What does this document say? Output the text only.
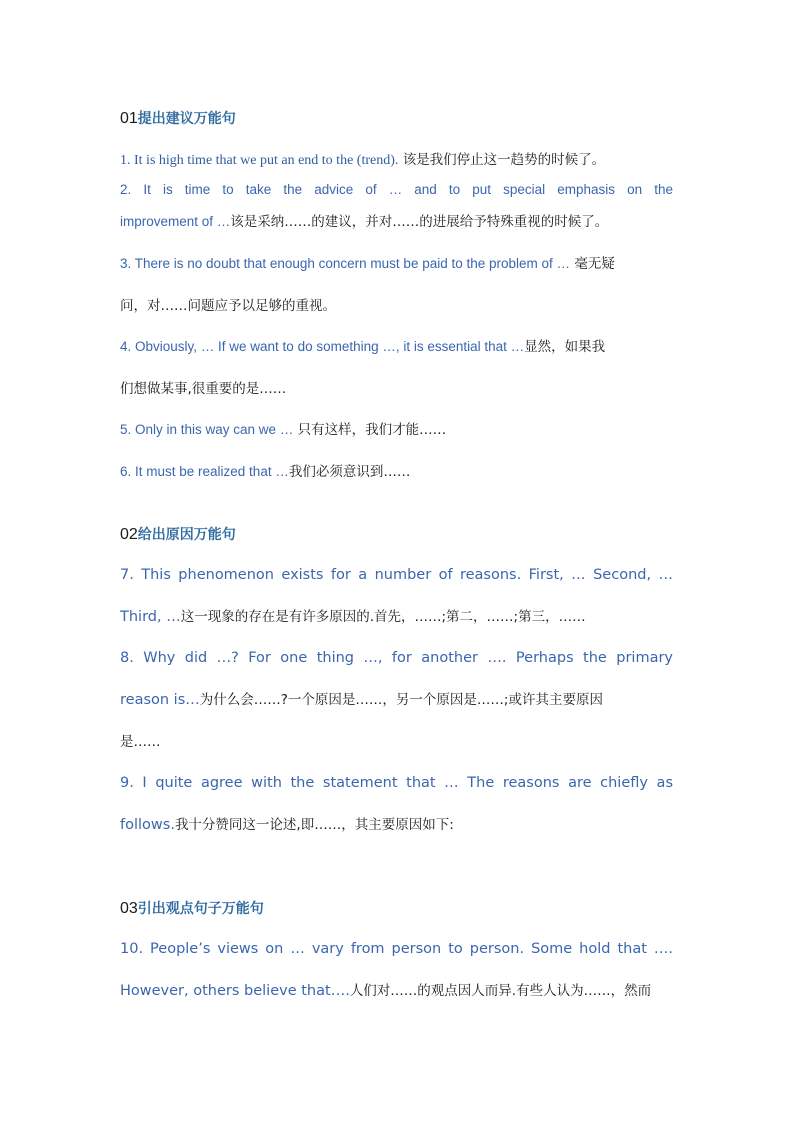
01提出建议万能句
1. It is high time that we put an end to the (trend). 该是我们停止这一趋势的时候了。
2. It is time to take the advice of … and to put special emphasis on the
improvement of …该是采纳……的建议，并对……的进展给予特殊重视的时候了。
3. There is no doubt that enough concern must be paid to the problem of … 毫无疑
问，对……问题应予以足够的重视。
4. Obviously, … If we want to do something …, it is essential that …显然，如果我
们想做某事,很重要的是……
5. Only in this way can we … 只有这样，我们才能……
6. It must be realized that …我们必须意识到……
02给出原因万能句
7. This phenomenon exists for a number of reasons. First, … Second, …
Third, …这一现象的存在是有许多原因的.首先，……;第二，……;第三，……
8. Why did …? For one thing …, for another …. Perhaps the primary
reason is…为什么会……?一个原因是……，另一个原因是……;或许其主要原因
是……
9. I quite agree with the statement that … The reasons are chiefly as
follows.我十分赞同这一论述,即……，其主要原因如下:
03引出观点句子万能句
10. People’s views on … vary from person to person. Some hold that ….
However, others believe that….人们对……的观点因人而异.有些人认为……，然而
